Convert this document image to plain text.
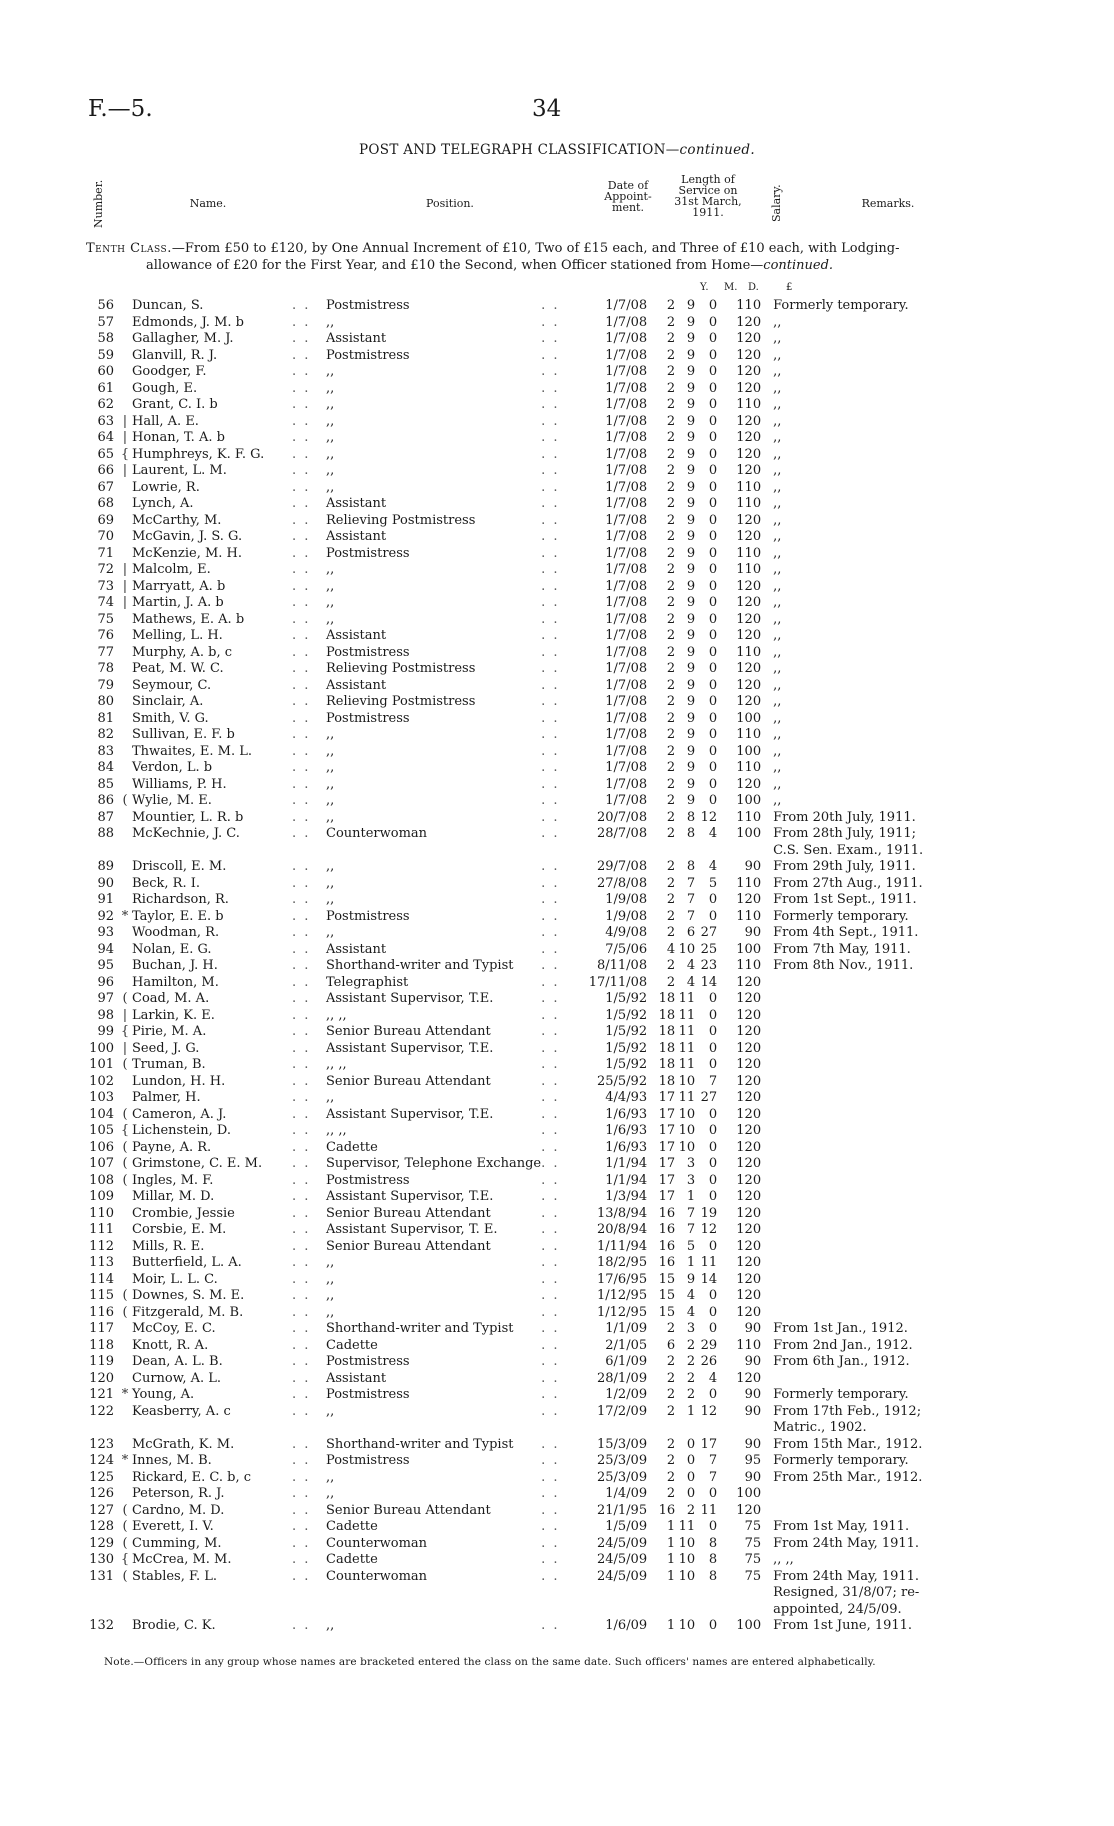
F.—5.	34
POST AND TELEGRAPH CLASSIFICATION—continued.
Number.	Name.	Position.
Date of
Appoint-
ment.
Length of
Service on
31st March,
1911.	Salary.	Remarks.
Tenth Class.—From £50 to £120, by One Annual Increment of £10, Two of £15 each, and Three of £10 each, with Lodging-
allowance of £20 for the First Year, and £10 the Second, when Officer stationed from Home—continued.
Y. M. D.	£
56		Duncan, S.	. .	Postmistress	. .	1/7/08	2	9	0	110	Formerly temporary.
57		Edmonds, J. M. b	. .	,,	. .	1/7/08	2	9	0	120	,,
58		Gallagher, M. J.	. .	Assistant	. .	1/7/08	2	9	0	120	,,
59		Glanvill, R. J.	. .	Postmistress	. .	1/7/08	2	9	0	120	,,
60		Goodger, F.	. .	,,	. .	1/7/08	2	9	0	120	,,
61		Gough, E.	. .	,,	. .	1/7/08	2	9	0	120	,,
62		Grant, C. I. b	. .	,,	. .	1/7/08	2	9	0	110	,,
63	|	Hall, A. E.	. .	,,	. .	1/7/08	2	9	0	120	,,
64	|	Honan, T. A. b	. .	,,	. .	1/7/08	2	9	0	120	,,
65	{	Humphreys, K. F. G.	. .	,,	. .	1/7/08	2	9	0	120	,,
66	|	Laurent, L. M.	. .	,,	. .	1/7/08	2	9	0	120	,,
67		Lowrie, R.	. .	,,	. .	1/7/08	2	9	0	110	,,
68		Lynch, A.	. .	Assistant	. .	1/7/08	2	9	0	110	,,
69		McCarthy, M.	. .	Relieving Postmistress	. .	1/7/08	2	9	0	120	,,
70		McGavin, J. S. G.	. .	Assistant	. .	1/7/08	2	9	0	120	,,
71		McKenzie, M. H.	. .	Postmistress	. .	1/7/08	2	9	0	110	,,
72	|	Malcolm, E.	. .	,,	. .	1/7/08	2	9	0	110	,,
73	|	Marryatt, A. b	. .	,,	. .	1/7/08	2	9	0	120	,,
74	|	Martin, J. A. b	. .	,,	. .	1/7/08	2	9	0	120	,,
75		Mathews, E. A. b	. .	,,	. .	1/7/08	2	9	0	120	,,
76		Melling, L. H.	. .	Assistant	. .	1/7/08	2	9	0	120	,,
77		Murphy, A. b, c	. .	Postmistress	. .	1/7/08	2	9	0	110	,,
78		Peat, M. W. C.	. .	Relieving Postmistress	. .	1/7/08	2	9	0	120	,,
79		Seymour, C.	. .	Assistant	. .	1/7/08	2	9	0	120	,,
80		Sinclair, A.	. .	Relieving Postmistress	. .	1/7/08	2	9	0	120	,,
81		Smith, V. G.	. .	Postmistress	. .	1/7/08	2	9	0	100	,,
82		Sullivan, E. F. b	. .	,,	. .	1/7/08	2	9	0	110	,,
83		Thwaites, E. M. L.	. .	,,	. .	1/7/08	2	9	0	100	,,
84		Verdon, L. b	. .	,,	. .	1/7/08	2	9	0	110	,,
85		Williams, P. H.	. .	,,	. .	1/7/08	2	9	0	120	,,
86	(	Wylie, M. E.	. .	,,	. .	1/7/08	2	9	0	100	,,
87		Mountier, L. R. b	. .	,,	. .	20/7/08	2	8	12	110	From 20th July, 1911.
88		McKechnie, J. C.	. .	Counterwoman	. .	28/7/08	2	8	4	100	From 28th July, 1911;
											C.S. Sen. Exam., 1911.
89		Driscoll, E. M.	. .	,,	. .	29/7/08	2	8	4	90	From 29th July, 1911.
90		Beck, R. I.	. .	,,	. .	27/8/08	2	7	5	110	From 27th Aug., 1911.
91		Richardson, R.	. .	,,	. .	1/9/08	2	7	0	120	From 1st Sept., 1911.
92	*	Taylor, E. E. b	. .	Postmistress	. .	1/9/08	2	7	0	110	Formerly temporary.
93		Woodman, R.	. .	,,	. .	4/9/08	2	6	27	90	From 4th Sept., 1911.
94		Nolan, E. G.	. .	Assistant	. .	7/5/06	4	10	25	100	From 7th May, 1911.
95		Buchan, J. H.	. .	Shorthand-writer and Typist	. .	8/11/08	2	4	23	110	From 8th Nov., 1911.
96		Hamilton, M.	. .	Telegraphist	. .	17/11/08	2	4	14	120	
97	(	Coad, M. A.	. .	Assistant Supervisor, T.E.	. .	1/5/92	18	11	0	120	
98	|	Larkin, K. E.	. .	,, ,,	. .	1/5/92	18	11	0	120	
99	{	Pirie, M. A.	. .	Senior Bureau Attendant	. .	1/5/92	18	11	0	120	
100	|	Seed, J. G.	. .	Assistant Supervisor, T.E.	. .	1/5/92	18	11	0	120	
101	(	Truman, B.	. .	,, ,,	. .	1/5/92	18	11	0	120	
102		Lundon, H. H.	. .	Senior Bureau Attendant	. .	25/5/92	18	10	7	120	
103		Palmer, H.	. .	,,	. .	4/4/93	17	11	27	120	
104	(	Cameron, A. J.	. .	Assistant Supervisor, T.E.	. .	1/6/93	17	10	0	120	
105	{	Lichenstein, D.	. .	,, ,,	. .	1/6/93	17	10	0	120	
106	(	Payne, A. R.	. .	Cadette	. .	1/6/93	17	10	0	120	
107	(	Grimstone, C. E. M.	. .	Supervisor, Telephone Exchange	. .	1/1/94	17	3	0	120	
108	(	Ingles, M. F.	. .	Postmistress	. .	1/1/94	17	3	0	120	
109		Millar, M. D.	. .	Assistant Supervisor, T.E.	. .	1/3/94	17	1	0	120	
110		Crombie, Jessie	. .	Senior Bureau Attendant	. .	13/8/94	16	7	19	120	
111		Corsbie, E. M.	. .	Assistant Supervisor, T. E.	. .	20/8/94	16	7	12	120	
112		Mills, R. E.	. .	Senior Bureau Attendant	. .	1/11/94	16	5	0	120	
113		Butterfield, L. A.	. .	,,	. .	18/2/95	16	1	11	120	
114		Moir, L. L. C.	. .	,,	. .	17/6/95	15	9	14	120	
115	(	Downes, S. M. E.	. .	,,	. .	1/12/95	15	4	0	120	
116	(	Fitzgerald, M. B.	. .	,,	. .	1/12/95	15	4	0	120	
117		McCoy, E. C.	. .	Shorthand-writer and Typist	. .	1/1/09	2	3	0	90	From 1st Jan., 1912.
118		Knott, R. A.	. .	Cadette	. .	2/1/05	6	2	29	110	From 2nd Jan., 1912.
119		Dean, A. L. B.	. .	Postmistress	. .	6/1/09	2	2	26	90	From 6th Jan., 1912.
120		Curnow, A. L.	. .	Assistant	. .	28/1/09	2	2	4	120	
121	*	Young, A.	. .	Postmistress	. .	1/2/09	2	2	0	90	Formerly temporary.
122		Keasberry, A. c	. .	,,	. .	17/2/09	2	1	12	90	From 17th Feb., 1912;
											Matric., 1902.
123		McGrath, K. M.	. .	Shorthand-writer and Typist	. .	15/3/09	2	0	17	90	From 15th Mar., 1912.
124	*	Innes, M. B.	. .	Postmistress	. .	25/3/09	2	0	7	95	Formerly temporary.
125		Rickard, E. C. b, c	. .	,,	. .	25/3/09	2	0	7	90	From 25th Mar., 1912.
126		Peterson, R. J.	. .	,,	. .	1/4/09	2	0	0	100	
127	(	Cardno, M. D.	. .	Senior Bureau Attendant	. .	21/1/95	16	2	11	120	
128	(	Everett, I. V.	. .	Cadette	. .	1/5/09	1	11	0	75	From 1st May, 1911.
129	(	Cumming, M.	. .	Counterwoman	. .	24/5/09	1	10	8	75	From 24th May, 1911.
130	{	McCrea, M. M.	. .	Cadette	. .	24/5/09	1	10	8	75	,, ,,
131	(	Stables, F. L.	. .	Counterwoman	. .	24/5/09	1	10	8	75	From 24th May, 1911.
											Resigned, 31/8/07; re-
											appointed, 24/5/09.
132		Brodie, C. K.	. .	,,	. .	1/6/09	1	10	0	100	From 1st June, 1911.
Note.—Officers in any group whose names are bracketed entered the class on the same date. Such officers' names are entered alphabetically.
